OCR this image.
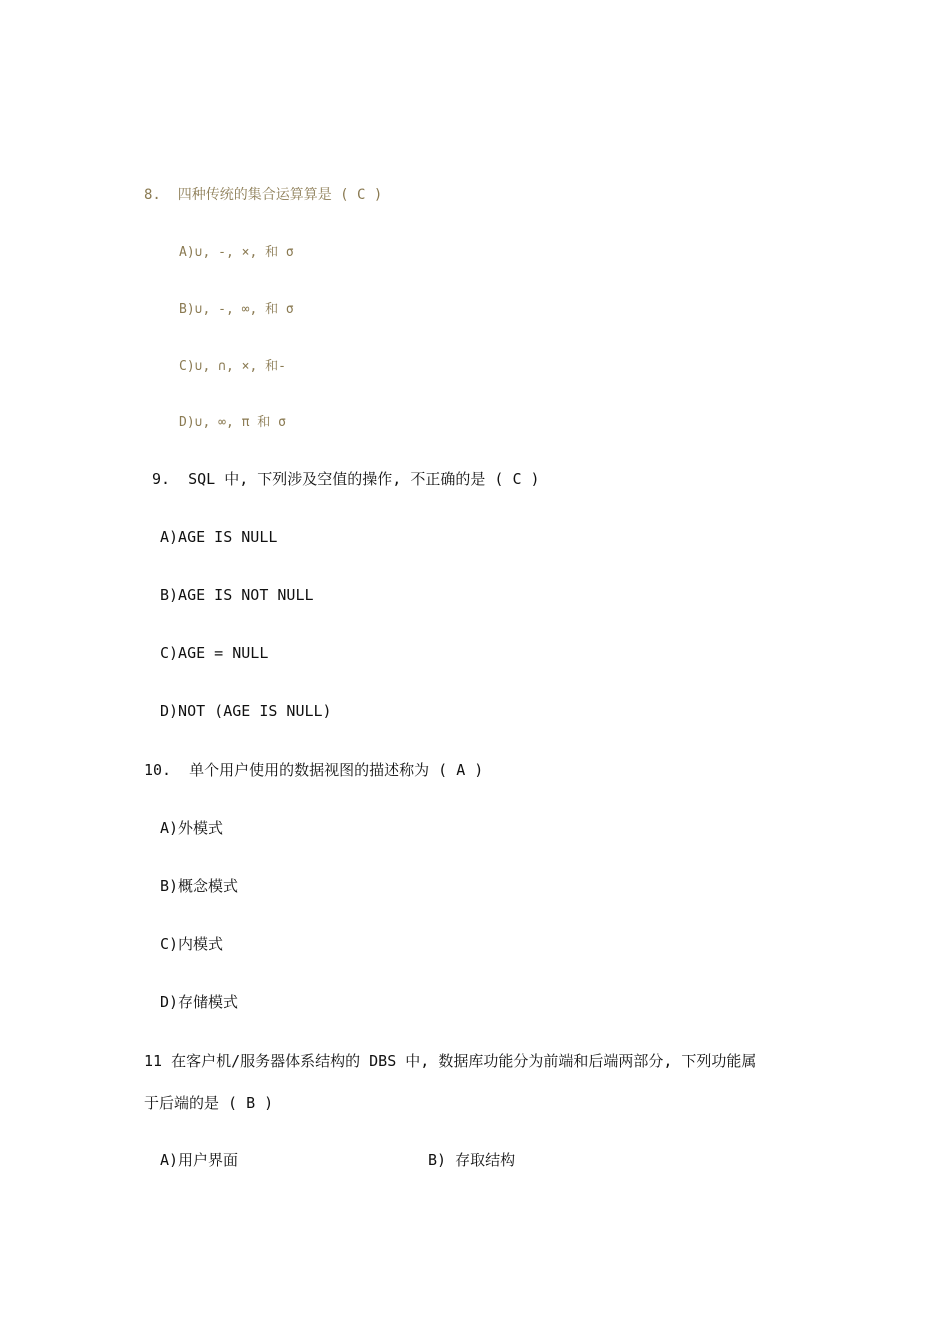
8.  四种传统的集合运算算是 ( C )
A)∪, -, ×, 和 σ
B)∪, -, ∞, 和 σ
C)∪, ∩, ×, 和-
D)∪, ∞, π 和 σ
9.  SQL 中, 下列涉及空值的操作, 不正确的是 ( C )
A)AGE IS NULL
B)AGE IS NOT NULL
C)AGE = NULL
D)NOT (AGE IS NULL)
10.  单个用户使用的数据视图的描述称为 ( A )
A)外模式
B)概念模式
C)内模式
D)存储模式
11 在客户机/服务器体系结构的 DBS 中, 数据库功能分为前端和后端两部分, 下列功能属
于后端的是 ( B )
A)用户界面	B) 存取结构
